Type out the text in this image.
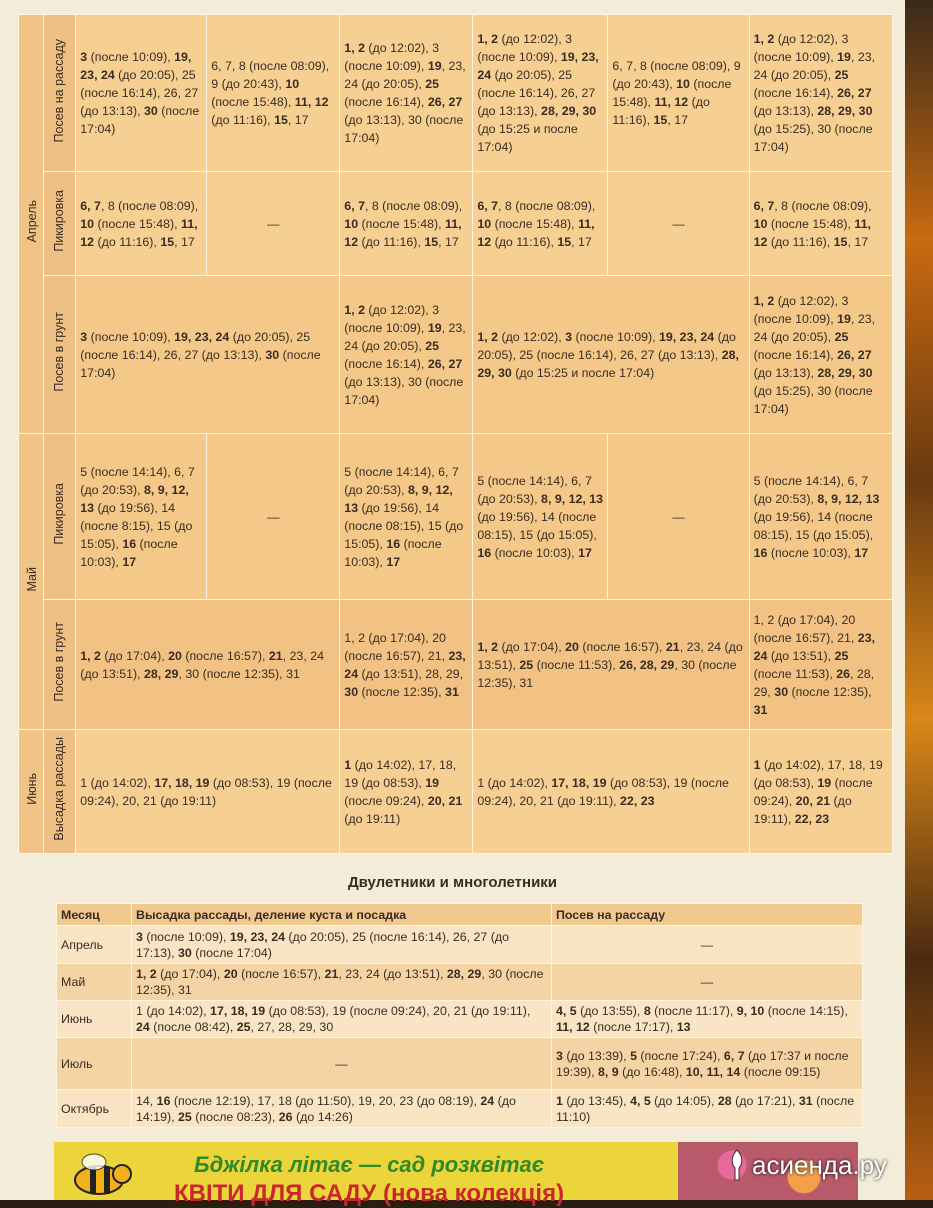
Апрель	Посев на рассаду	3 (после 10:09), 19, 23, 24 (до 20:05), 25 (после 16:14), 26, 27 (до 13:13), 30 (после 17:04)	6, 7, 8 (после 08:09), 9 (до 20:43), 10 (после 15:48), 11, 12 (до 11:16), 15, 17	1, 2 (до 12:02), 3 (после 10:09), 19, 23, 24 (до 20:05), 25 (после 16:14), 26, 27 (до 13:13), 30 (после 17:04)	1, 2 (до 12:02), 3 (после 10:09), 19, 23, 24 (до 20:05), 25 (после 16:14), 26, 27 (до 13:13), 28, 29, 30 (до 15:25 и после 17:04)	6, 7, 8 (после 08:09), 9 (до 20:43), 10 (после 15:48), 11, 12 (до 11:16), 15, 17	1, 2 (до 12:02), 3 (после 10:09), 19, 23, 24 (до 20:05), 25 (после 16:14), 26, 27 (до 13:13), 28, 29, 30 (до 15:25), 30 (после 17:04)
	Пикировка	6, 7, 8 (после 08:09), 10 (после 15:48), 11, 12 (до 11:16), 15, 17	—	6, 7, 8 (после 08:09), 10 (после 15:48), 11, 12 (до 11:16), 15, 17	6, 7, 8 (после 08:09), 10 (после 15:48), 11, 12 (до 11:16), 15, 17	—	6, 7, 8 (после 08:09), 10 (после 15:48), 11, 12 (до 11:16), 15, 17
	Посев в грунт	3 (после 10:09), 19, 23, 24 (до 20:05), 25 (после 16:14), 26, 27 (до 13:13), 30 (после 17:04)		1, 2 (до 12:02), 3 (после 10:09), 19, 23, 24 (до 20:05), 25 (после 16:14), 26, 27 (до 13:13), 30 (после 17:04)	1, 2 (до 12:02), 3 (после 10:09), 19, 23, 24 (до 20:05), 25 (после 16:14), 26, 27 (до 13:13), 28, 29, 30 (до 15:25 и после 17:04)		1, 2 (до 12:02), 3 (после 10:09), 19, 23, 24 (до 20:05), 25 (после 16:14), 26, 27 (до 13:13), 28, 29, 30 (до 15:25), 30 (после 17:04)
Май	Пикировка	5 (после 14:14), 6, 7 (до 20:53), 8, 9, 12, 13 (до 19:56), 14 (после 8:15), 15 (до 15:05), 16 (после 10:03), 17	—	5 (после 14:14), 6, 7 (до 20:53), 8, 9, 12, 13 (до 19:56), 14 (после 08:15), 15 (до 15:05), 16 (после 10:03), 17	5 (после 14:14), 6, 7 (до 20:53), 8, 9, 12, 13 (до 19:56), 14 (после 08:15), 15 (до 15:05), 16 (после 10:03), 17	—	5 (после 14:14), 6, 7 (до 20:53), 8, 9, 12, 13 (до 19:56), 14 (после 08:15), 15 (до 15:05), 16 (после 10:03), 17
	Посев в грунт	1, 2 (до 17:04), 20 (после 16:57), 21, 23, 24 (до 13:51), 28, 29, 30 (после 12:35), 31		1, 2 (до 17:04), 20 (после 16:57), 21, 23, 24 (до 13:51), 28, 29, 30 (после 12:35), 31	1, 2 (до 17:04), 20 (после 16:57), 21, 23, 24 (до 13:51), 25 (после 11:53), 26, 28, 29, 30 (после 12:35), 31		1, 2 (до 17:04), 20 (после 16:57), 21, 23, 24 (до 13:51), 25 (после 11:53), 26, 28, 29, 30 (после 12:35), 31
Июнь	Высадка рассады	1 (до 14:02), 17, 18, 19 (до 08:53), 19 (после 09:24), 20, 21 (до 19:11)		1 (до 14:02), 17, 18, 19 (до 08:53), 19 (после 09:24), 20, 21 (до 19:11)	1 (до 14:02), 17, 18, 19 (до 08:53), 19 (после 09:24), 20, 21 (до 19:11), 22, 23		1 (до 14:02), 17, 18, 19 (до 08:53), 19 (после 09:24), 20, 21 (до 19:11), 22, 23
Двулетники и многолетники
Месяц	Высадка рассады, деление куста и посадка	Посев на рассаду
Апрель	3 (после 10:09), 19, 23, 24 (до 20:05), 25 (после 16:14), 26, 27 (до 17:13), 30 (после 17:04)	—
Май	1, 2 (до 17:04), 20 (после 16:57), 21, 23, 24 (до 13:51), 28, 29, 30 (после 12:35), 31	—
Июнь	1 (до 14:02), 17, 18, 19 (до 08:53), 19 (после 09:24), 20, 21 (до 19:11), 24 (после 08:42), 25, 27, 28, 29, 30	4, 5 (до 13:55), 8 (после 11:17), 9, 10 (после 14:15), 11, 12 (после 17:17), 13
Июль	—	3 (до 13:39), 5 (после 17:24), 6, 7 (до 17:37 и после 19:39), 8, 9 (до 16:48), 10, 11, 14 (после 09:15)
Октябрь	14, 16 (после 12:19), 17, 18 (до 11:50), 19, 20, 23 (до 08:19), 24 (до 14:19), 25 (после 08:23), 26 (до 14:26)	1 (до 13:45), 4, 5 (до 14:05), 28 (до 17:21), 31 (после 11:10)
Бджілка літає — сад розквітає
КВІТИ ДЛЯ САДУ (нова колекція)
асиенда.ру
